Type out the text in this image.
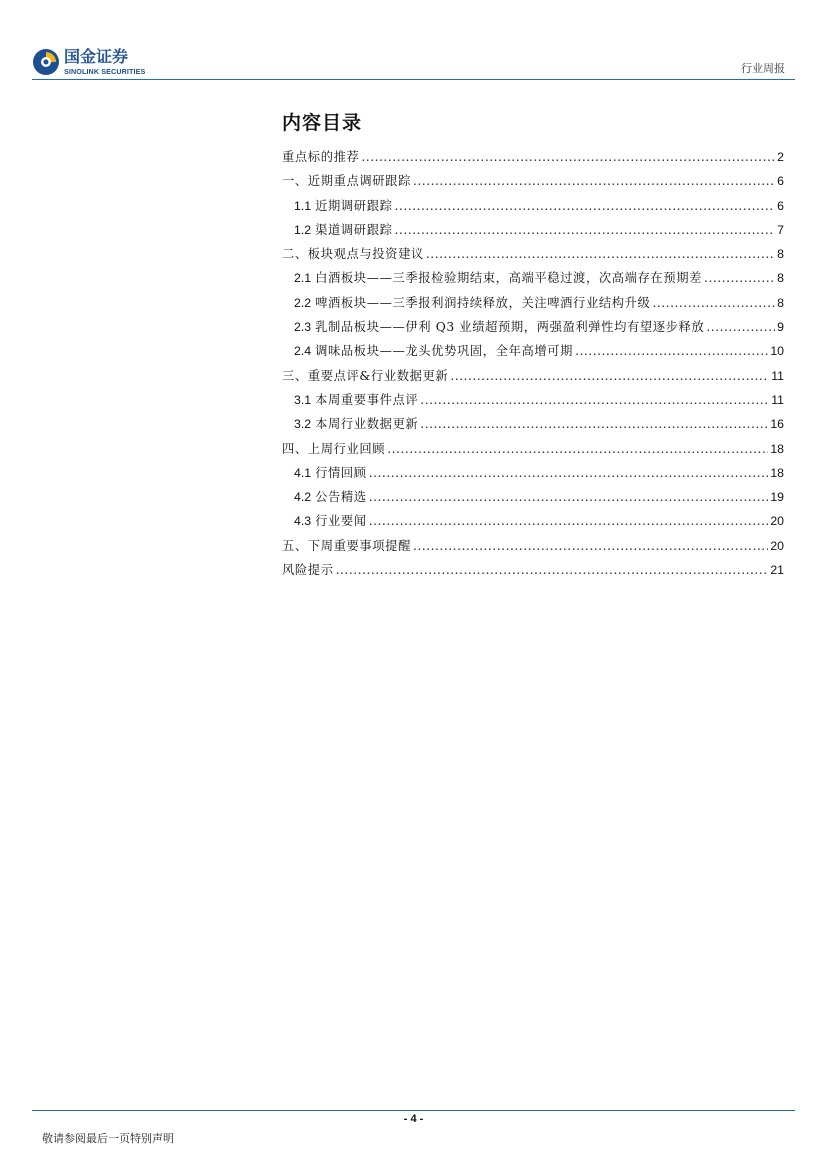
国金证券
SINOLINK SECURITIES	行业周报
内容目录
重点标的推荐 .....	2
一、近期重点调研跟踪 .....	6
1.1 近期调研跟踪 .....	6
1.2 渠道调研跟踪 .....	7
二、板块观点与投资建议 .....	8
2.1 白酒板块——三季报检验期结束，高端平稳过渡，次高端存在预期差 .....	8
2.2 啤酒板块——三季报利润持续释放，关注啤酒行业结构升级 .....	8
2.3 乳制品板块——伊利 Q3 业绩超预期，两强盈利弹性均有望逐步释放 .....	9
2.4 调味品板块——龙头优势巩固，全年高增可期 .....	10
三、重要点评&行业数据更新 .....	11
3.1 本周重要事件点评 .....	11
3.2 本周行业数据更新 .....	16
四、上周行业回顾 .....	18
4.1 行情回顾 .....	18
4.2 公告精选 .....	19
4.3 行业要闻 .....	20
五、下周重要事项提醒 .....	20
风险提示 .....	21
- 4 -
敬请参阅最后一页特别声明
